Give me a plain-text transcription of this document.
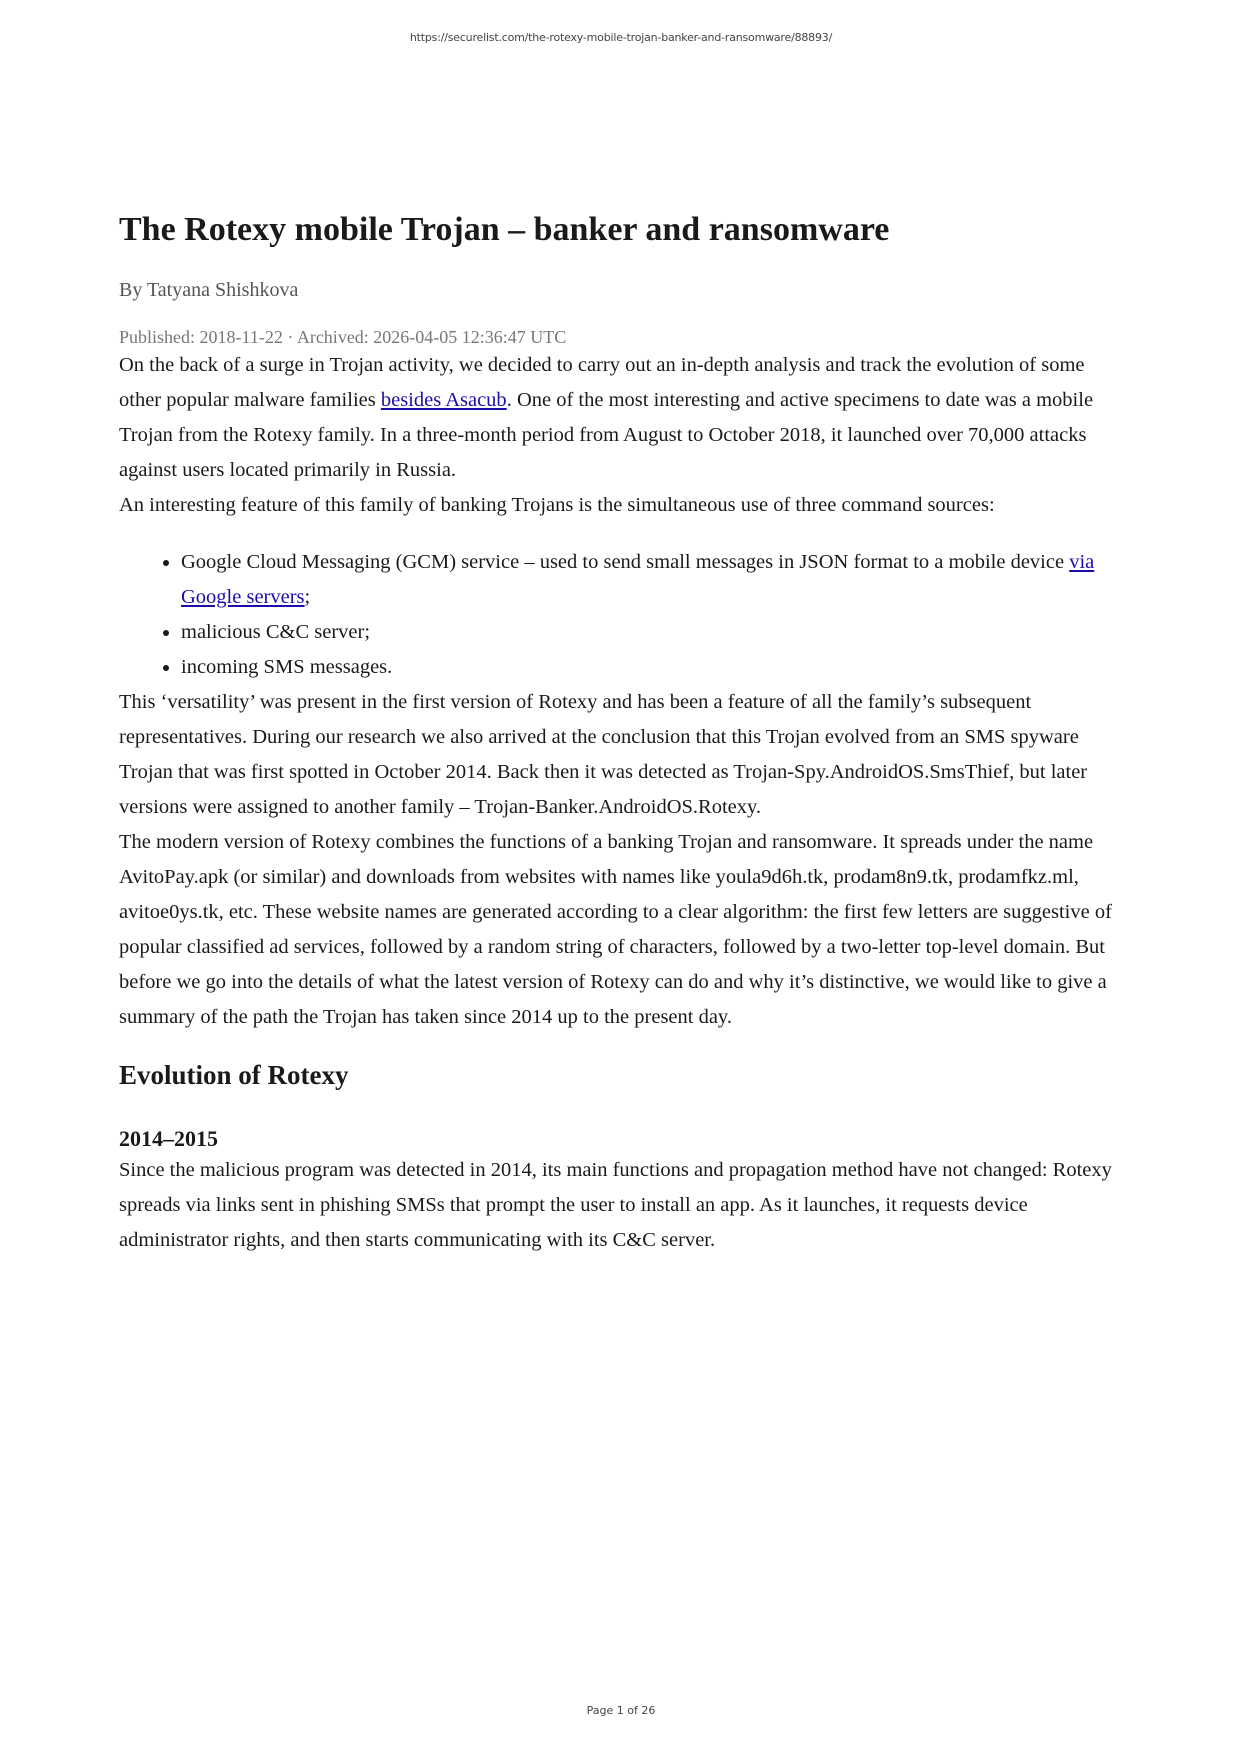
https://securelist.com/the-rotexy-mobile-trojan-banker-and-ransomware/88893/
The Rotexy mobile Trojan – banker and ransomware
By Tatyana Shishkova
Published: 2018-11-22 · Archived: 2026-04-05 12:36:47 UTC

On the back of a surge in Trojan activity, we decided to carry out an in-depth analysis and track the evolution of some other popular malware families besides Asacub. One of the most interesting and active specimens to date was a mobile Trojan from the Rotexy family. In a three-month period from August to October 2018, it launched over 70,000 attacks against users located primarily in Russia.

An interesting feature of this family of banking Trojans is the simultaneous use of three command sources:

• Google Cloud Messaging (GCM) service – used to send small messages in JSON format to a mobile device via Google servers;
• malicious C&C server;
• incoming SMS messages.

This ‘versatility’ was present in the first version of Rotexy and has been a feature of all the family’s subsequent representatives. During our research we also arrived at the conclusion that this Trojan evolved from an SMS spyware Trojan that was first spotted in October 2014. Back then it was detected as Trojan-Spy.AndroidOS.SmsThief, but later versions were assigned to another family – Trojan-Banker.AndroidOS.Rotexy.

The modern version of Rotexy combines the functions of a banking Trojan and ransomware. It spreads under the name AvitoPay.apk (or similar) and downloads from websites with names like youla9d6h.tk, prodam8n9.tk, prodamfkz.ml, avitoe0ys.tk, etc. These website names are generated according to a clear algorithm: the first few letters are suggestive of popular classified ad services, followed by a random string of characters, followed by a two-letter top-level domain. But before we go into the details of what the latest version of Rotexy can do and why it’s distinctive, we would like to give a summary of the path the Trojan has taken since 2014 up to the present day.

Evolution of Rotexy
2014–2015

Since the malicious program was detected in 2014, its main functions and propagation method have not changed: Rotexy spreads via links sent in phishing SMSs that prompt the user to install an app. As it launches, it requests device administrator rights, and then starts communicating with its C&C server.

Page 1 of 26
